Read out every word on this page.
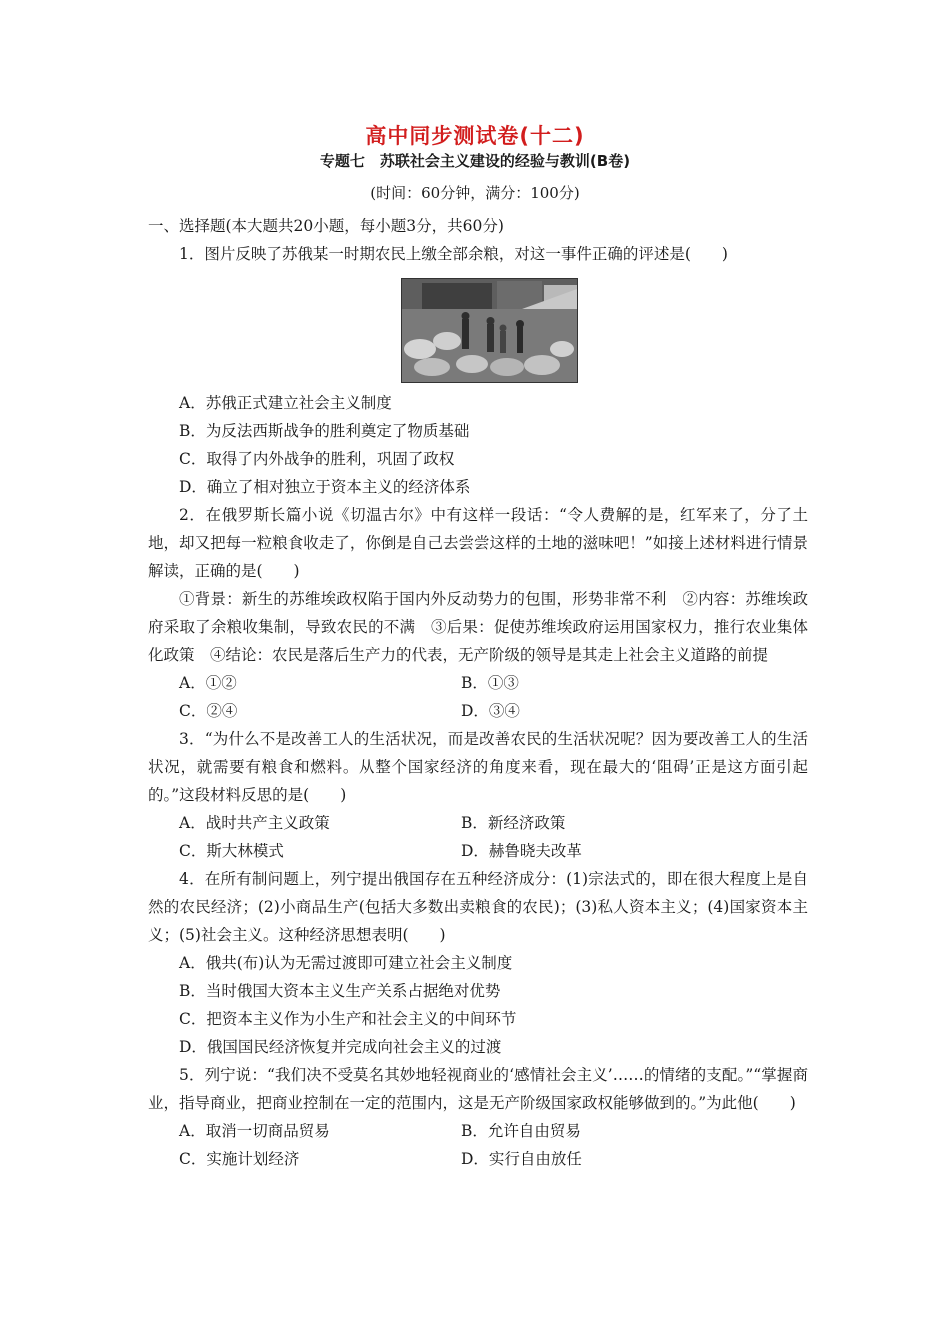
高中同步测试卷(十二)
专题七　苏联社会主义建设的经验与教训(B卷)
(时间：60分钟，满分：100分)

一、选择题(本大题共20小题，每小题3分，共60分)

1．图片反映了苏俄某一时期农民上缴全部余粮，对这一事件正确的评述是(　　)

A．苏俄正式建立社会主义制度

B．为反法西斯战争的胜利奠定了物质基础

C．取得了内外战争的胜利，巩固了政权

D．确立了相对独立于资本主义的经济体系

2．在俄罗斯长篇小说《切温古尔》中有这样一段话：“令人费解的是，红军来了，分了土地，却又把每一粒粮食收走了，你倒是自己去尝尝这样的土地的滋味吧！”如接上述材料进行情景解读，正确的是(　　)

①背景：新生的苏维埃政权陷于国内外反动势力的包围，形势非常不利　②内容：苏维埃政府采取了余粮收集制，导致农民的不满　③后果：促使苏维埃政府运用国家权力，推行农业集体化政策　④结论：农民是落后生产力的代表，无产阶级的领导是其走上社会主义道路的前提

A．①②	B．①③
C．②④	D．③④

3．“为什么不是改善工人的生活状况，而是改善农民的生活状况呢？因为要改善工人的生活状况，就需要有粮食和燃料。从整个国家经济的角度来看，现在最大的‘阻碍’正是这方面引起的。”这段材料反思的是(　　)

A．战时共产主义政策	B．新经济政策
C．斯大林模式	D．赫鲁晓夫改革

4．在所有制问题上，列宁提出俄国存在五种经济成分：(1)宗法式的，即在很大程度上是自然的农民经济；(2)小商品生产(包括大多数出卖粮食的农民)；(3)私人资本主义；(4)国家资本主义；(5)社会主义。这种经济思想表明(　　)

A．俄共(布)认为无需过渡即可建立社会主义制度

B．当时俄国大资本主义生产关系占据绝对优势

C．把资本主义作为小生产和社会主义的中间环节

D．俄国国民经济恢复并完成向社会主义的过渡

5．列宁说：“我们决不受莫名其妙地轻视商业的‘感情社会主义’……的情绪的支配。”“掌握商业，指导商业，把商业控制在一定的范围内，这是无产阶级国家政权能够做到的。”为此他(　　)

A．取消一切商品贸易	B．允许自由贸易
C．实施计划经济	D．实行自由放任
